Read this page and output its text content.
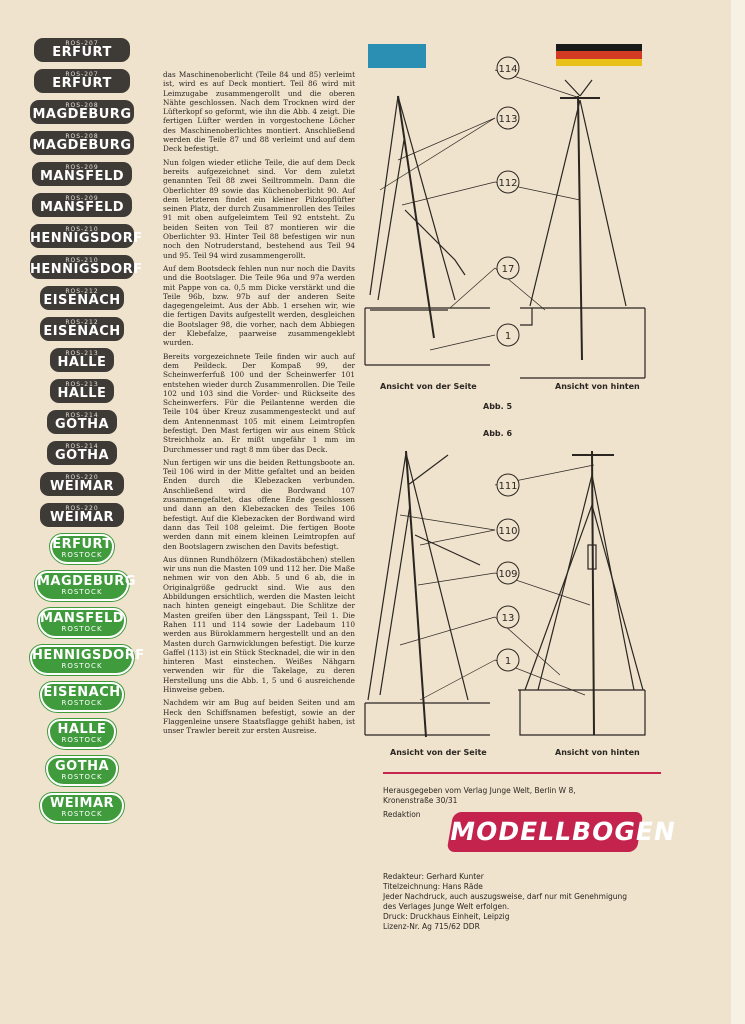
ROS-207
ERFURT
ROS-207
ERFURT
ROS-208
MAGDEBURG
ROS-208
MAGDEBURG
ROS-209
MANSFELD
ROS-209
MANSFELD
ROS-210
HENNIGSDORF
ROS-210
HENNIGSDORF
ROS-212
EISENACH
ROS-212
EISENACH
ROS-213
HALLE
ROS-213
HALLE
ROS-214
GOTHA
ROS-214
GOTHA
ROS-220
WEIMAR
ROS-220
WEIMAR
ERFURT
ROSTOCK
MAGDEBURG
ROSTOCK
MANSFELD
ROSTOCK
HENNIGSDORF
ROSTOCK
EISENACH
ROSTOCK
HALLE
ROSTOCK
GOTHA
ROSTOCK
WEIMAR
ROSTOCK

das Maschinenoberlicht (Teile 84 und 85) verleimt ist, wird es auf Deck montiert. Teil 86 wird mit Leimzugabe zusammengerollt und die oberen Nähte geschlossen. Nach dem Trocknen wird der Lüfterkopf so geformt, wie ihn die Abb. 4 zeigt. Die fertigen Lüfter werden in vorgestochene Löcher des Maschinenoberlichtes montiert. Anschließend werden die Teile 87 und 88 verleimt und auf dem Deck befestigt.

Nun folgen wieder etliche Teile, die auf dem Deck bereits aufgezeichnet sind. Vor dem zuletzt genannten Teil 88 zwei Seiltrommeln. Dann die Oberlichter 89 sowie das Küchenoberlicht 90. Auf dem letzteren findet ein kleiner Pilzkopflüfter seinen Platz, der durch Zusammenrollen des Teiles 91 mit oben aufgeleimtem Teil 92 entsteht. Zu beiden Seiten von Teil 87 montieren wir die Oberlichter 93. Hinter Teil 88 befestigen wir nun noch den Notruderstand, bestehend aus Teil 94 und 95. Teil 94 wird zusammengerollt.

Auf dem Bootsdeck fehlen nun nur noch die Davits und die Bootslager. Die Teile 96a und 97a werden mit Pappe von ca. 0,5 mm Dicke verstärkt und die Teile 96b, bzw. 97b auf der anderen Seite dagegengeleimt. Aus der Abb. 1 ersehen wir, wie die fertigen Davits aufgestellt werden, desgleichen die Bootslager 98, die vorher, nach dem Abbiegen der Klebefalze, paarweise zusammengeklebt wurden.

Bereits vorgezeichnete Teile finden wir auch auf dem Peildeck. Der Kompaß 99, der Scheinwerferfuß 100 und der Scheinwerfer 101 entstehen wieder durch Zusammenrollen. Die Teile 102 und 103 sind die Vorder- und Rückseite des Scheinwerfers. Für die Peilantenne werden die Teile 104 über Kreuz zusammengesteckt und auf dem Antennenmast 105 mit einem Leimtropfen befestigt. Den Mast fertigen wir aus einem Stück Streichholz an. Er mißt ungefähr 1 mm im Durchmesser und ragt 8 mm über das Deck.

Nun fertigen wir uns die beiden Rettungsboote an. Teil 106 wird in der Mitte gefaltet und an beiden Enden durch die Klebezacken verbunden. Anschließend wird die Bordwand 107 zusammengefaltet, das offene Ende geschlossen und dann an den Klebezacken des Teiles 106 befestigt. Auf die Klebezacken der Bordwand wird dann das Teil 108 geleimt. Die fertigen Boote werden dann mit einem kleinen Leimtropfen auf den Bootslagern zwischen den Davits befestigt.

Aus dünnen Rundhölzern (Mikadostäbchen) stellen wir uns nun die Masten 109 und 112 her. Die Maße nehmen wir von den Abb. 5 und 6 ab, die in Originalgröße gedruckt sind. Wie aus den Abbildungen ersichtlich, werden die Masten leicht nach hinten geneigt eingebaut. Die Schlitze der Masten greifen über den Längsspant, Teil 1. Die Rahen 111 und 114 sowie der Ladebaum 110 werden aus Büroklammern hergestellt und an den Masten durch Garnwicklungen befestigt. Die kurze Gaffel (113) ist ein Stück Stecknadel, die wir in den hinteren Mast einstechen. Weißes Nähgarn verwenden wir für die Takelage, zu deren Herstellung uns die Abb. 1, 5 und 6 ausreichende Hinweise geben.

Nachdem wir am Bug auf beiden Seiten und am Heck den Schiffsnamen befestigt, sowie an der Flaggenleine unsere Staatsflagge gehißt haben, ist unser Trawler bereit zur ersten Ausreise.

114
113
112
17
1
Ansicht von der Seite	Ansicht von hinten
Abb. 5
Abb. 6
111
110
109
13
1
Ansicht von der Seite	Ansicht von hinten
Herausgegeben vom Verlag Junge Welt, Berlin W 8,
Kronenstraße 30/31
Redaktion
MODELLBOGEN
Redakteur: Gerhard Kunter
Titelzeichnung: Hans Räde
Jeder Nachdruck, auch auszugsweise, darf nur mit Genehmigung
des Verlages Junge Welt erfolgen.
Druck: Druckhaus Einheit, Leipzig
Lizenz-Nr. Ag 715/62 DDR
